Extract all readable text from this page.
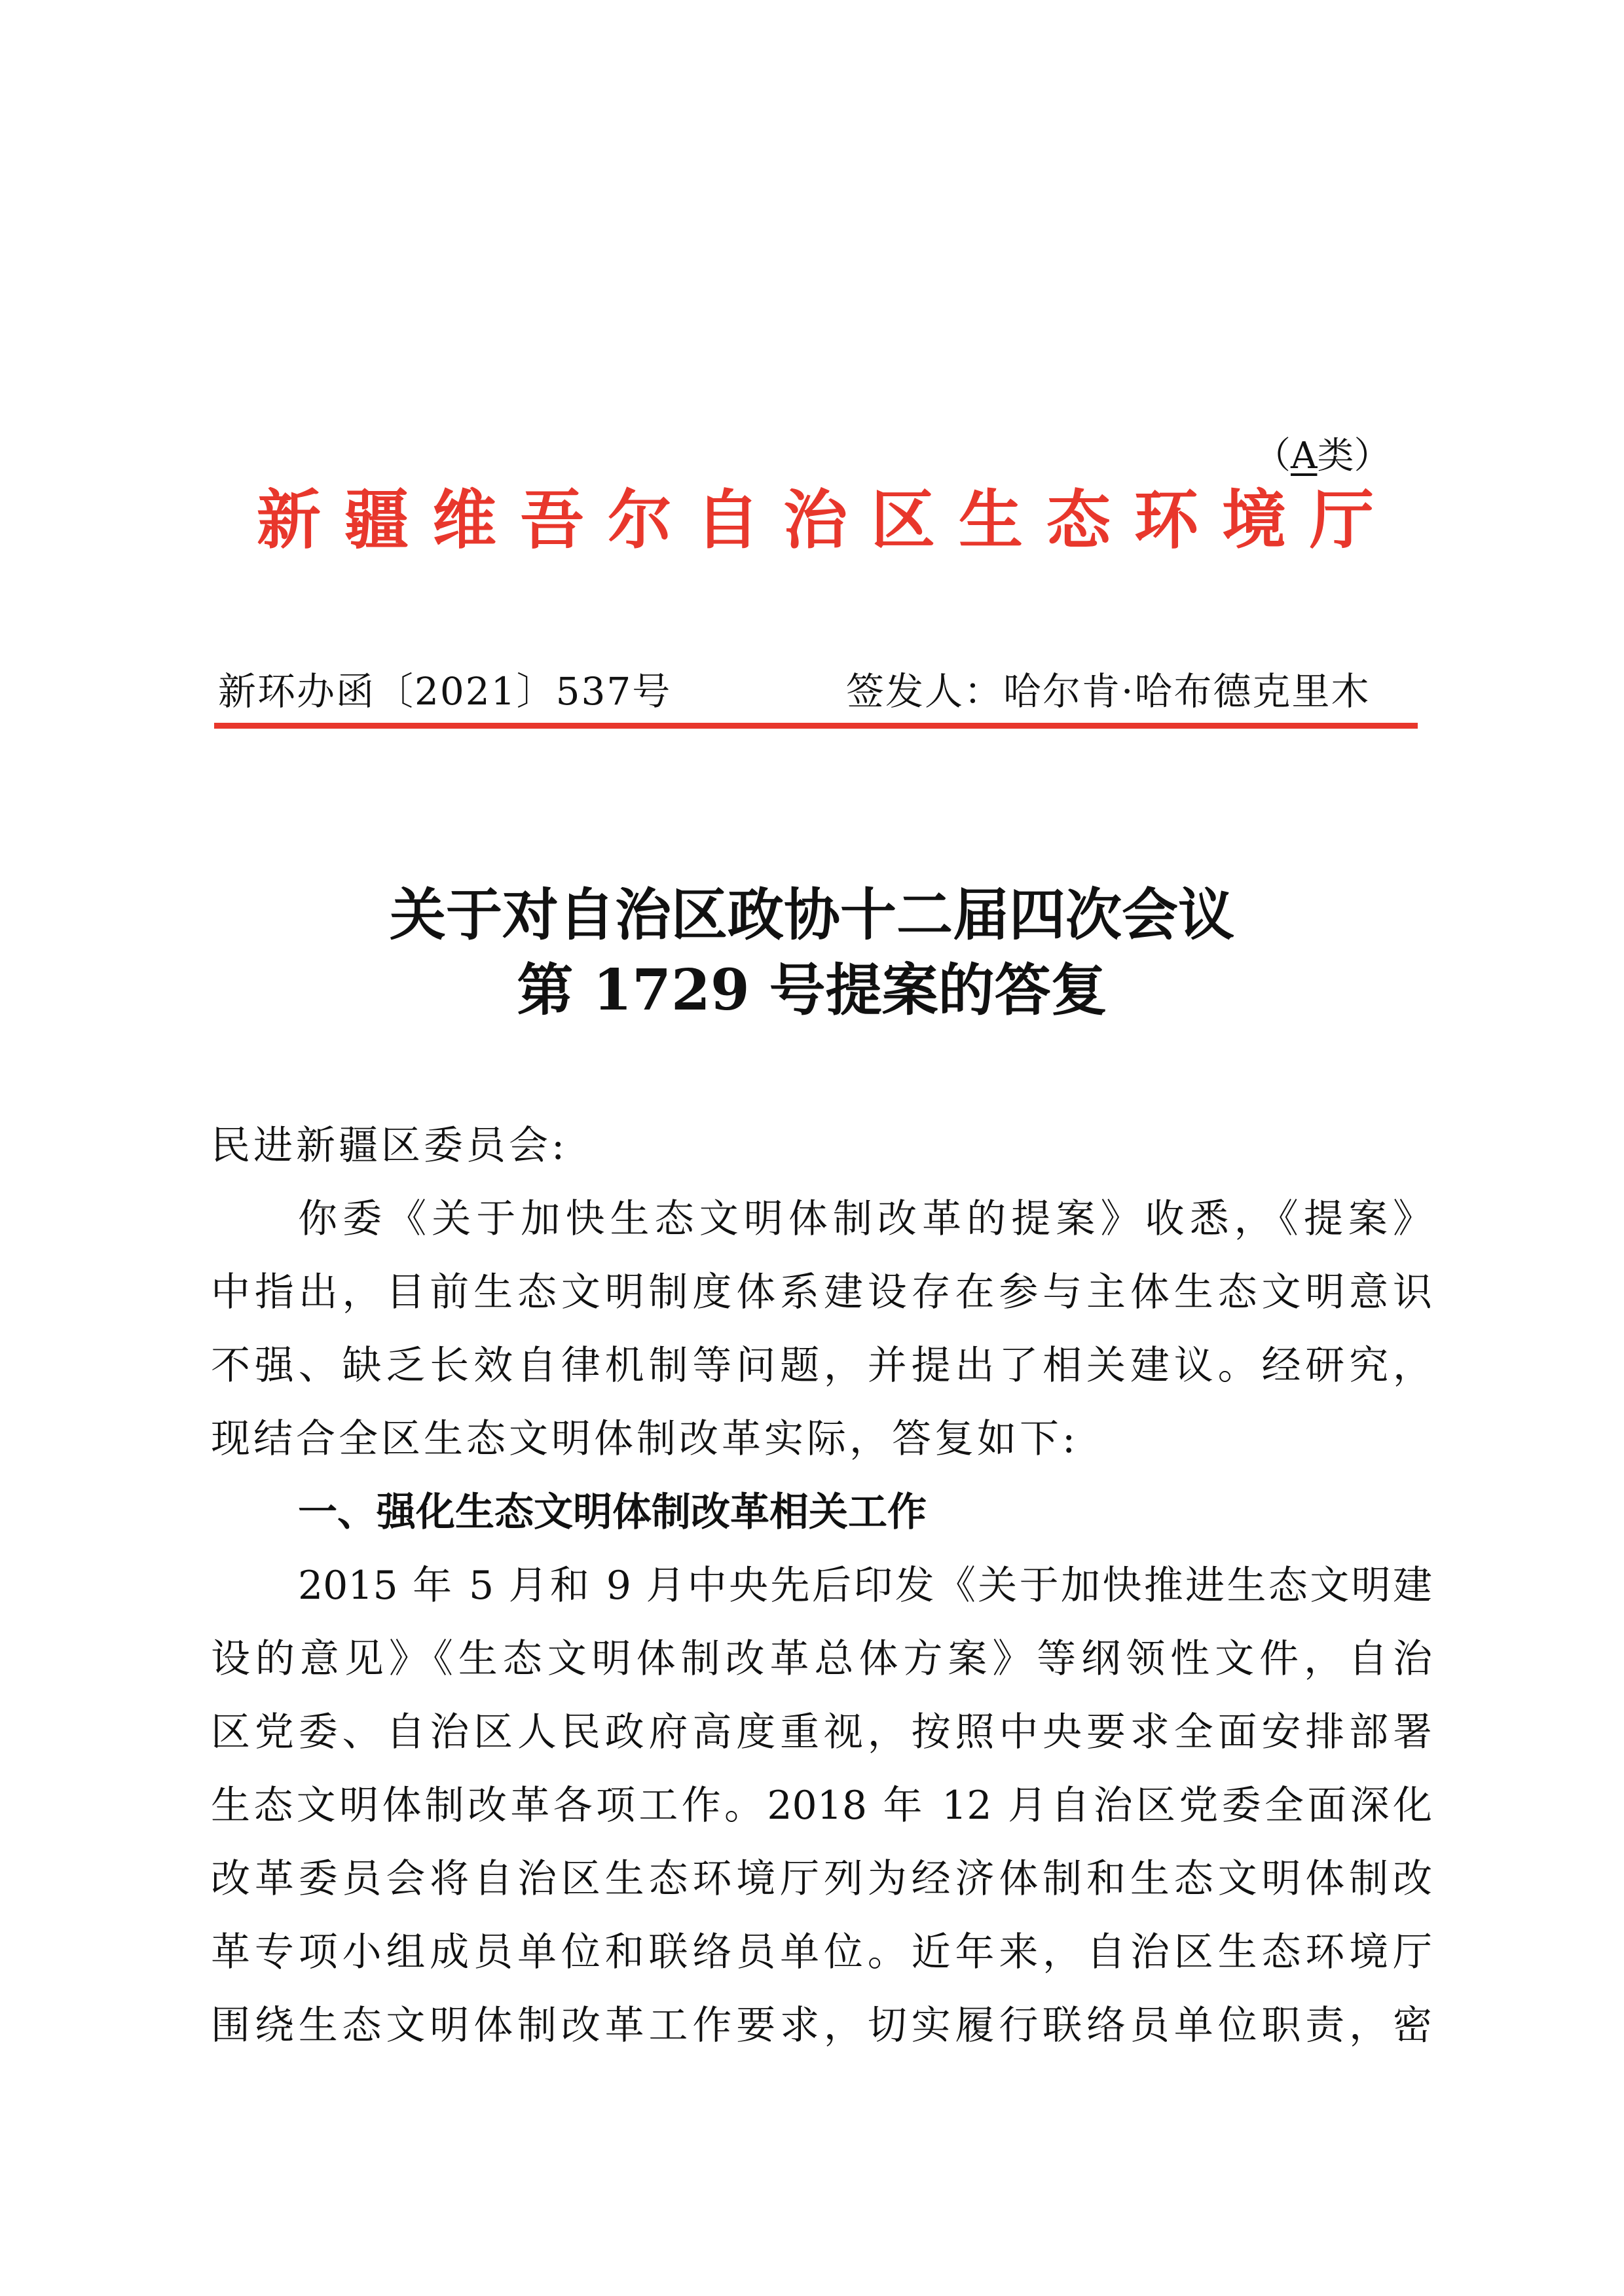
（A类）
新疆维吾尔自治区生态环境厅
新环办函〔2021〕537号	签发人：哈尔肯·哈布德克里木
关于对自治区政协十二届四次会议
第 1729 号提案的答复
民进新疆区委员会:
你委《关于加快生态文明体制改革的提案》收悉，《提案》
中指出，目前生态文明制度体系建设存在参与主体生态文明意识
不强、缺乏长效自律机制等问题，并提出了相关建议。经研究，
现结合全区生态文明体制改革实际，答复如下:
一、强化生态文明体制改革相关工作
2015 年 5 月和 9 月中央先后印发《关于加快推进生态文明建
设的意见》《生态文明体制改革总体方案》等纲领性文件，自治
区党委、自治区人民政府高度重视，按照中央要求全面安排部署
生态文明体制改革各项工作。2018 年 12 月自治区党委全面深化
改革委员会将自治区生态环境厅列为经济体制和生态文明体制改
革专项小组成员单位和联络员单位。近年来，自治区生态环境厅
围绕生态文明体制改革工作要求，切实履行联络员单位职责，密
